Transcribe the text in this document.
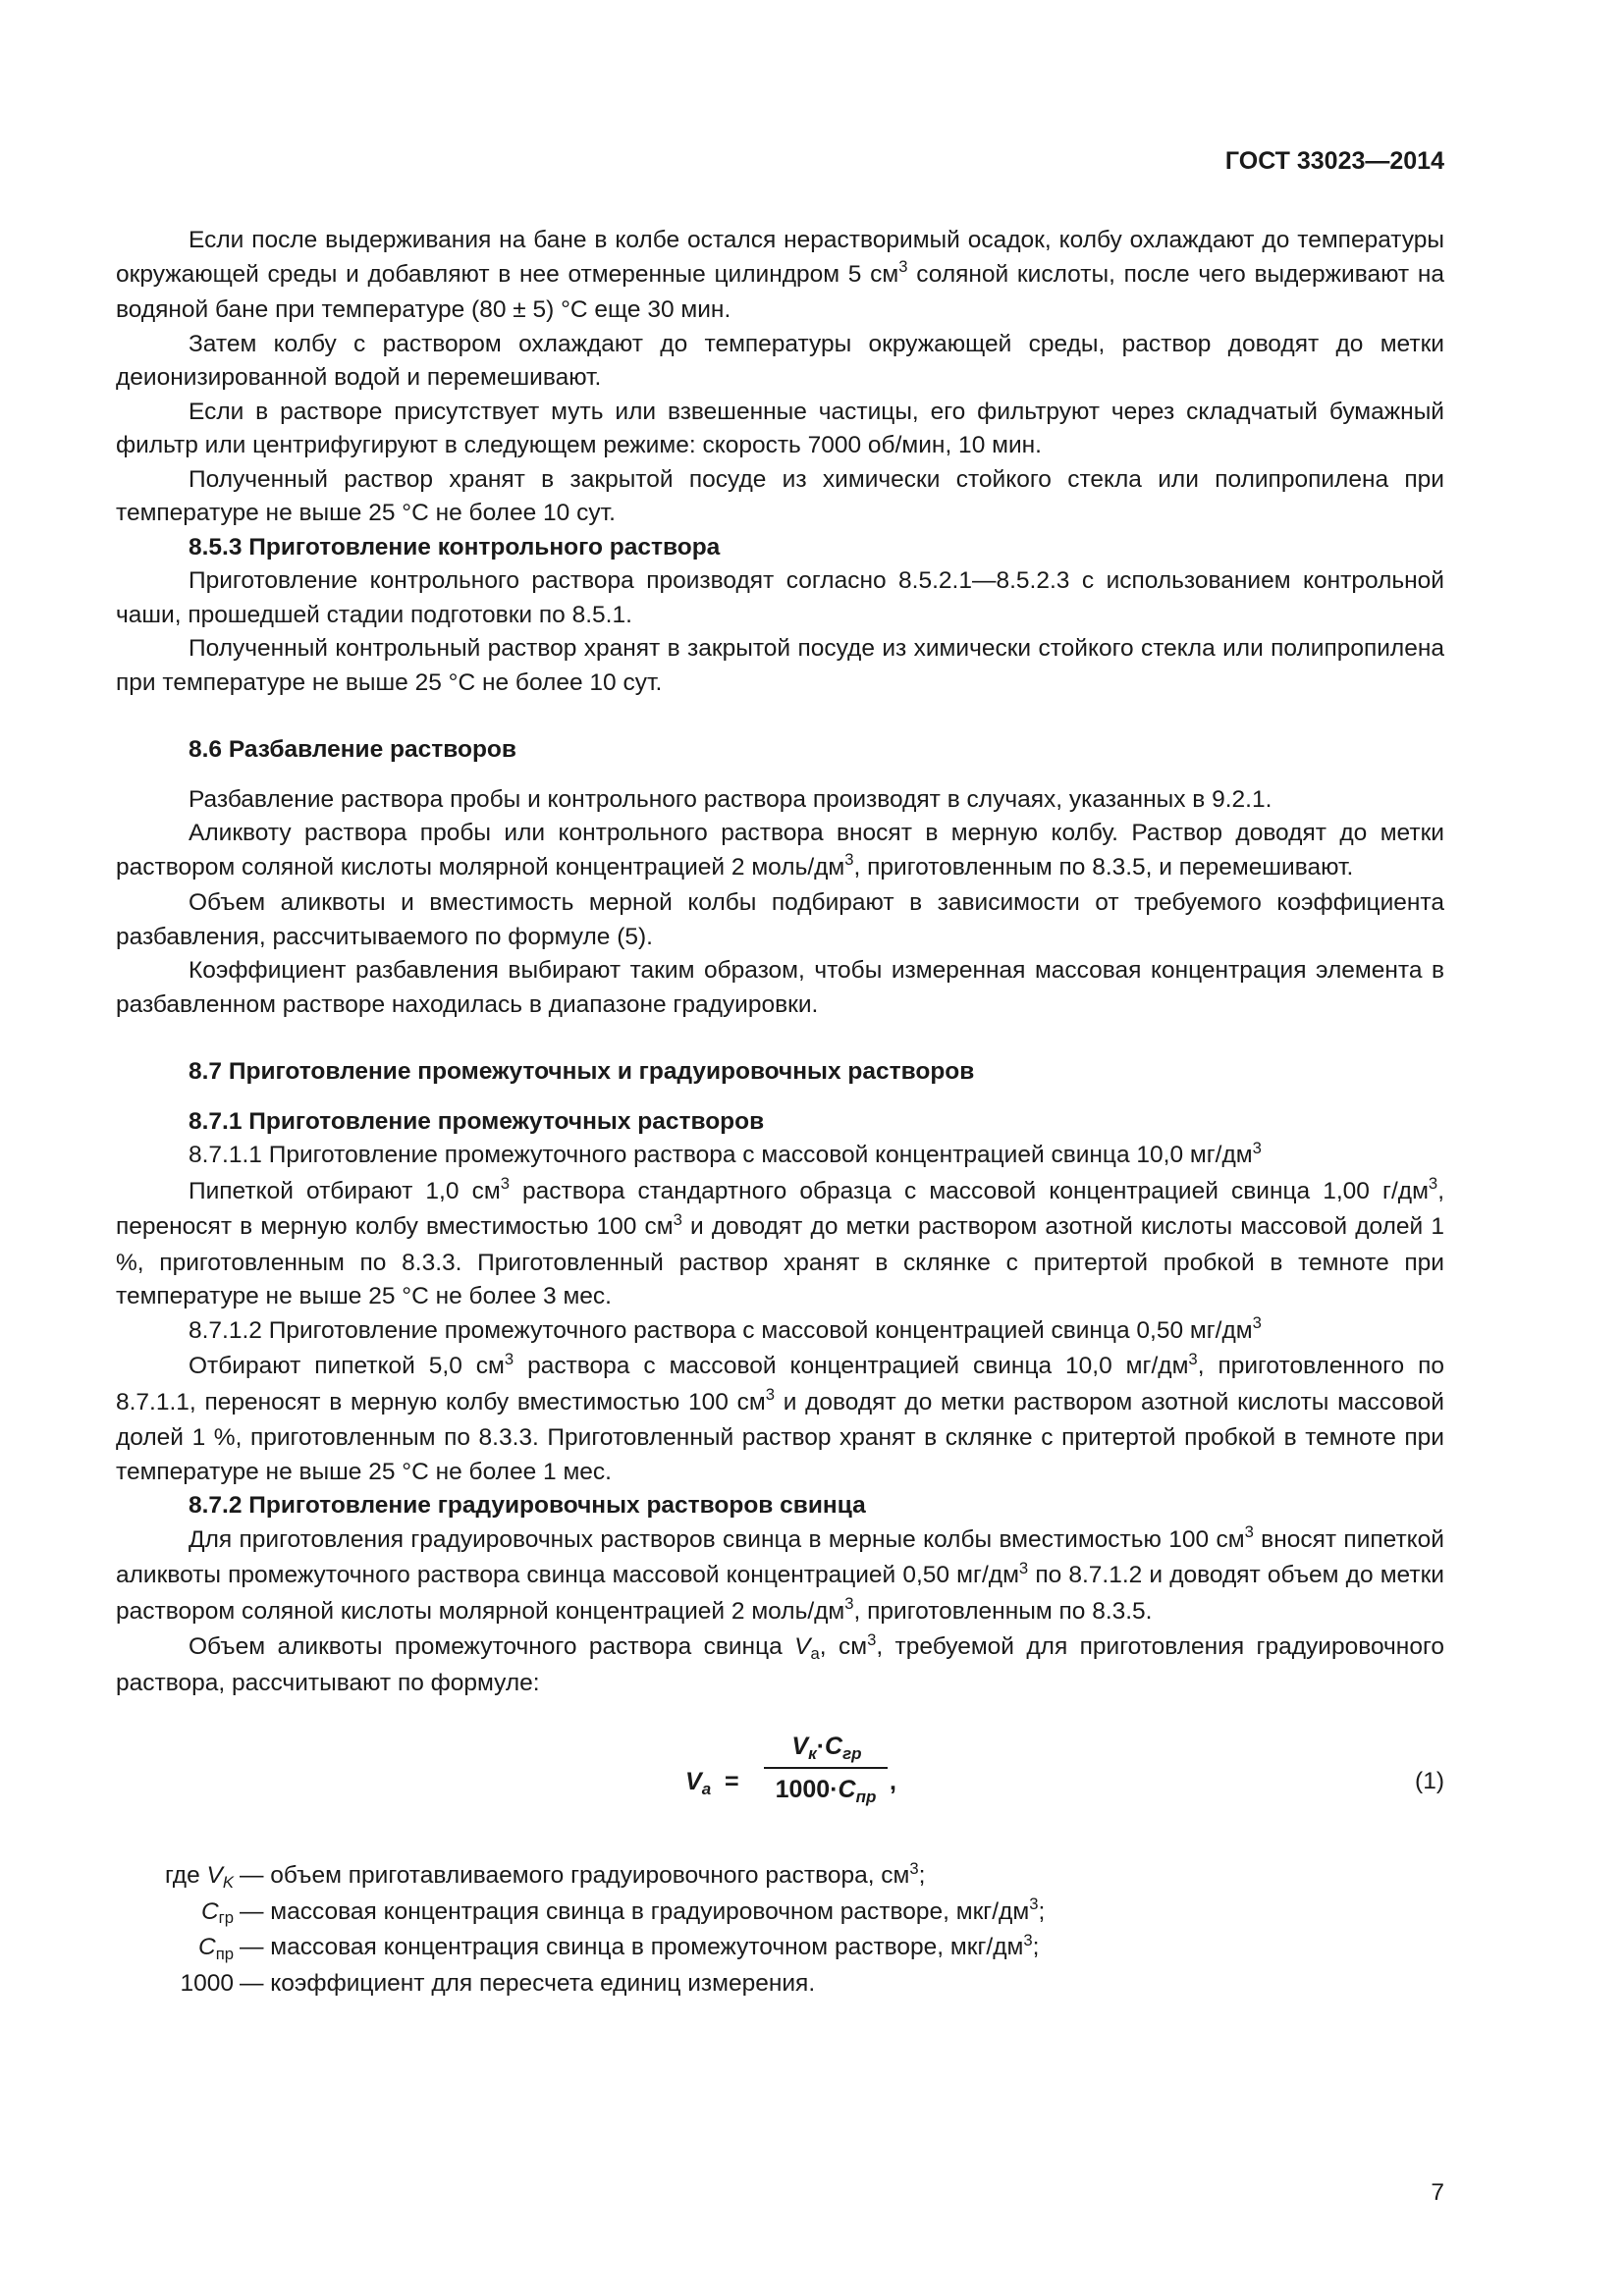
ГОСТ 33023—2014

Если после выдерживания на бане в колбе остался нерастворимый осадок, колбу охлаждают до температуры окружающей среды и добавляют в нее отмеренные цилиндром 5 $см^3$ соляной кислоты, после чего выдерживают на водяной бане при температуре (80 ± 5) °C еще 30 мин.

Затем колбу с раствором охлаждают до температуры окружающей среды, раствор доводят до метки деионизированной водой и перемешивают.

Если в растворе присутствует муть или взвешенные частицы, его фильтруют через складчатый бумажный фильтр или центрифугируют в следующем режиме: скорость 7000 об/мин, 10 мин.

Полученный раствор хранят в закрытой посуде из химически стойкого стекла или полипропилена при температуре не выше 25 °C не более 10 сут.

8.5.3 Приготовление контрольного раствора

Приготовление контрольного раствора производят согласно 8.5.2.1—8.5.2.3 с использованием контрольной чаши, прошедшей стадии подготовки по 8.5.1.

Полученный контрольный раствор хранят в закрытой посуде из химически стойкого стекла или полипропилена при температуре не выше 25 °C не более 10 сут.

8.6 Разбавление растворов

Разбавление раствора пробы и контрольного раствора производят в случаях, указанных в 9.2.1.

Аликвоту раствора пробы или контрольного раствора вносят в мерную колбу. Раствор доводят до метки раствором соляной кислоты молярной концентрацией 2 моль/$дм^3$, приготовленным по 8.3.5, и перемешивают.

Объем аликвоты и вместимость мерной колбы подбирают в зависимости от требуемого коэффициента разбавления, рассчитываемого по формуле (5).

Коэффициент разбавления выбирают таким образом, чтобы измеренная массовая концентрация элемента в разбавленном растворе находилась в диапазоне градуировки.

8.7 Приготовление промежуточных и градуировочных растворов

8.7.1 Приготовление промежуточных растворов

8.7.1.1 Приготовление промежуточного раствора с массовой концентрацией свинца 10,0 $мг/дм^3$

Пипеткой отбирают 1,0 $см^3$ раствора стандартного образца с массовой концентрацией свинца 1,00 $г/дм^3$, переносят в мерную колбу вместимостью 100 $см^3$ и доводят до метки раствором азотной кислоты массовой долей 1 %, приготовленным по 8.3.3. Приготовленный раствор хранят в склянке с притертой пробкой в темноте при температуре не выше 25 °C не более 3 мес.

8.7.1.2 Приготовление промежуточного раствора с массовой концентрацией свинца 0,50 $мг/дм^3$

Отбирают пипеткой 5,0 $см^3$ раствора с массовой концентрацией свинца 10,0 $мг/дм^3$, приготовленного по 8.7.1.1, переносят в мерную колбу вместимостью 100 $см^3$ и доводят до метки раствором азотной кислоты массовой долей 1 %, приготовленным по 8.3.3. Приготовленный раствор хранят в склянке с притертой пробкой в темноте при температуре не выше 25 °C не более 1 мес.

8.7.2 Приготовление градуировочных растворов свинца

Для приготовления градуировочных растворов свинца в мерные колбы вместимостью 100 $см^3$ вносят пипеткой аликвоты промежуточного раствора свинца массовой концентрацией 0,50 $мг/дм^3$ по 8.7.1.2 и доводят объем до метки раствором соляной кислоты молярной концентрацией 2 моль/$дм^3$, приготовленным по 8.3.5.

Объем аликвоты промежуточного раствора свинца $V_а$, $см^3$, требуемой для приготовления градуировочного раствора, рассчитывают по формуле:

$V_а$ =
$V_к\cdot C_{гр}$
$1000\cdot C_{пр}$
,	(1)
где $V_K$ — объем приготавливаемого градуировочного раствора, $см^3$;
$C_{гр}$ — массовая концентрация свинца в градуировочном растворе, мкг/$дм^3$;
$C_{пр}$ — массовая концентрация свинца в промежуточном растворе, мкг/$дм^3$;
1000 — коэффициент для пересчета единиц измерения.
7
